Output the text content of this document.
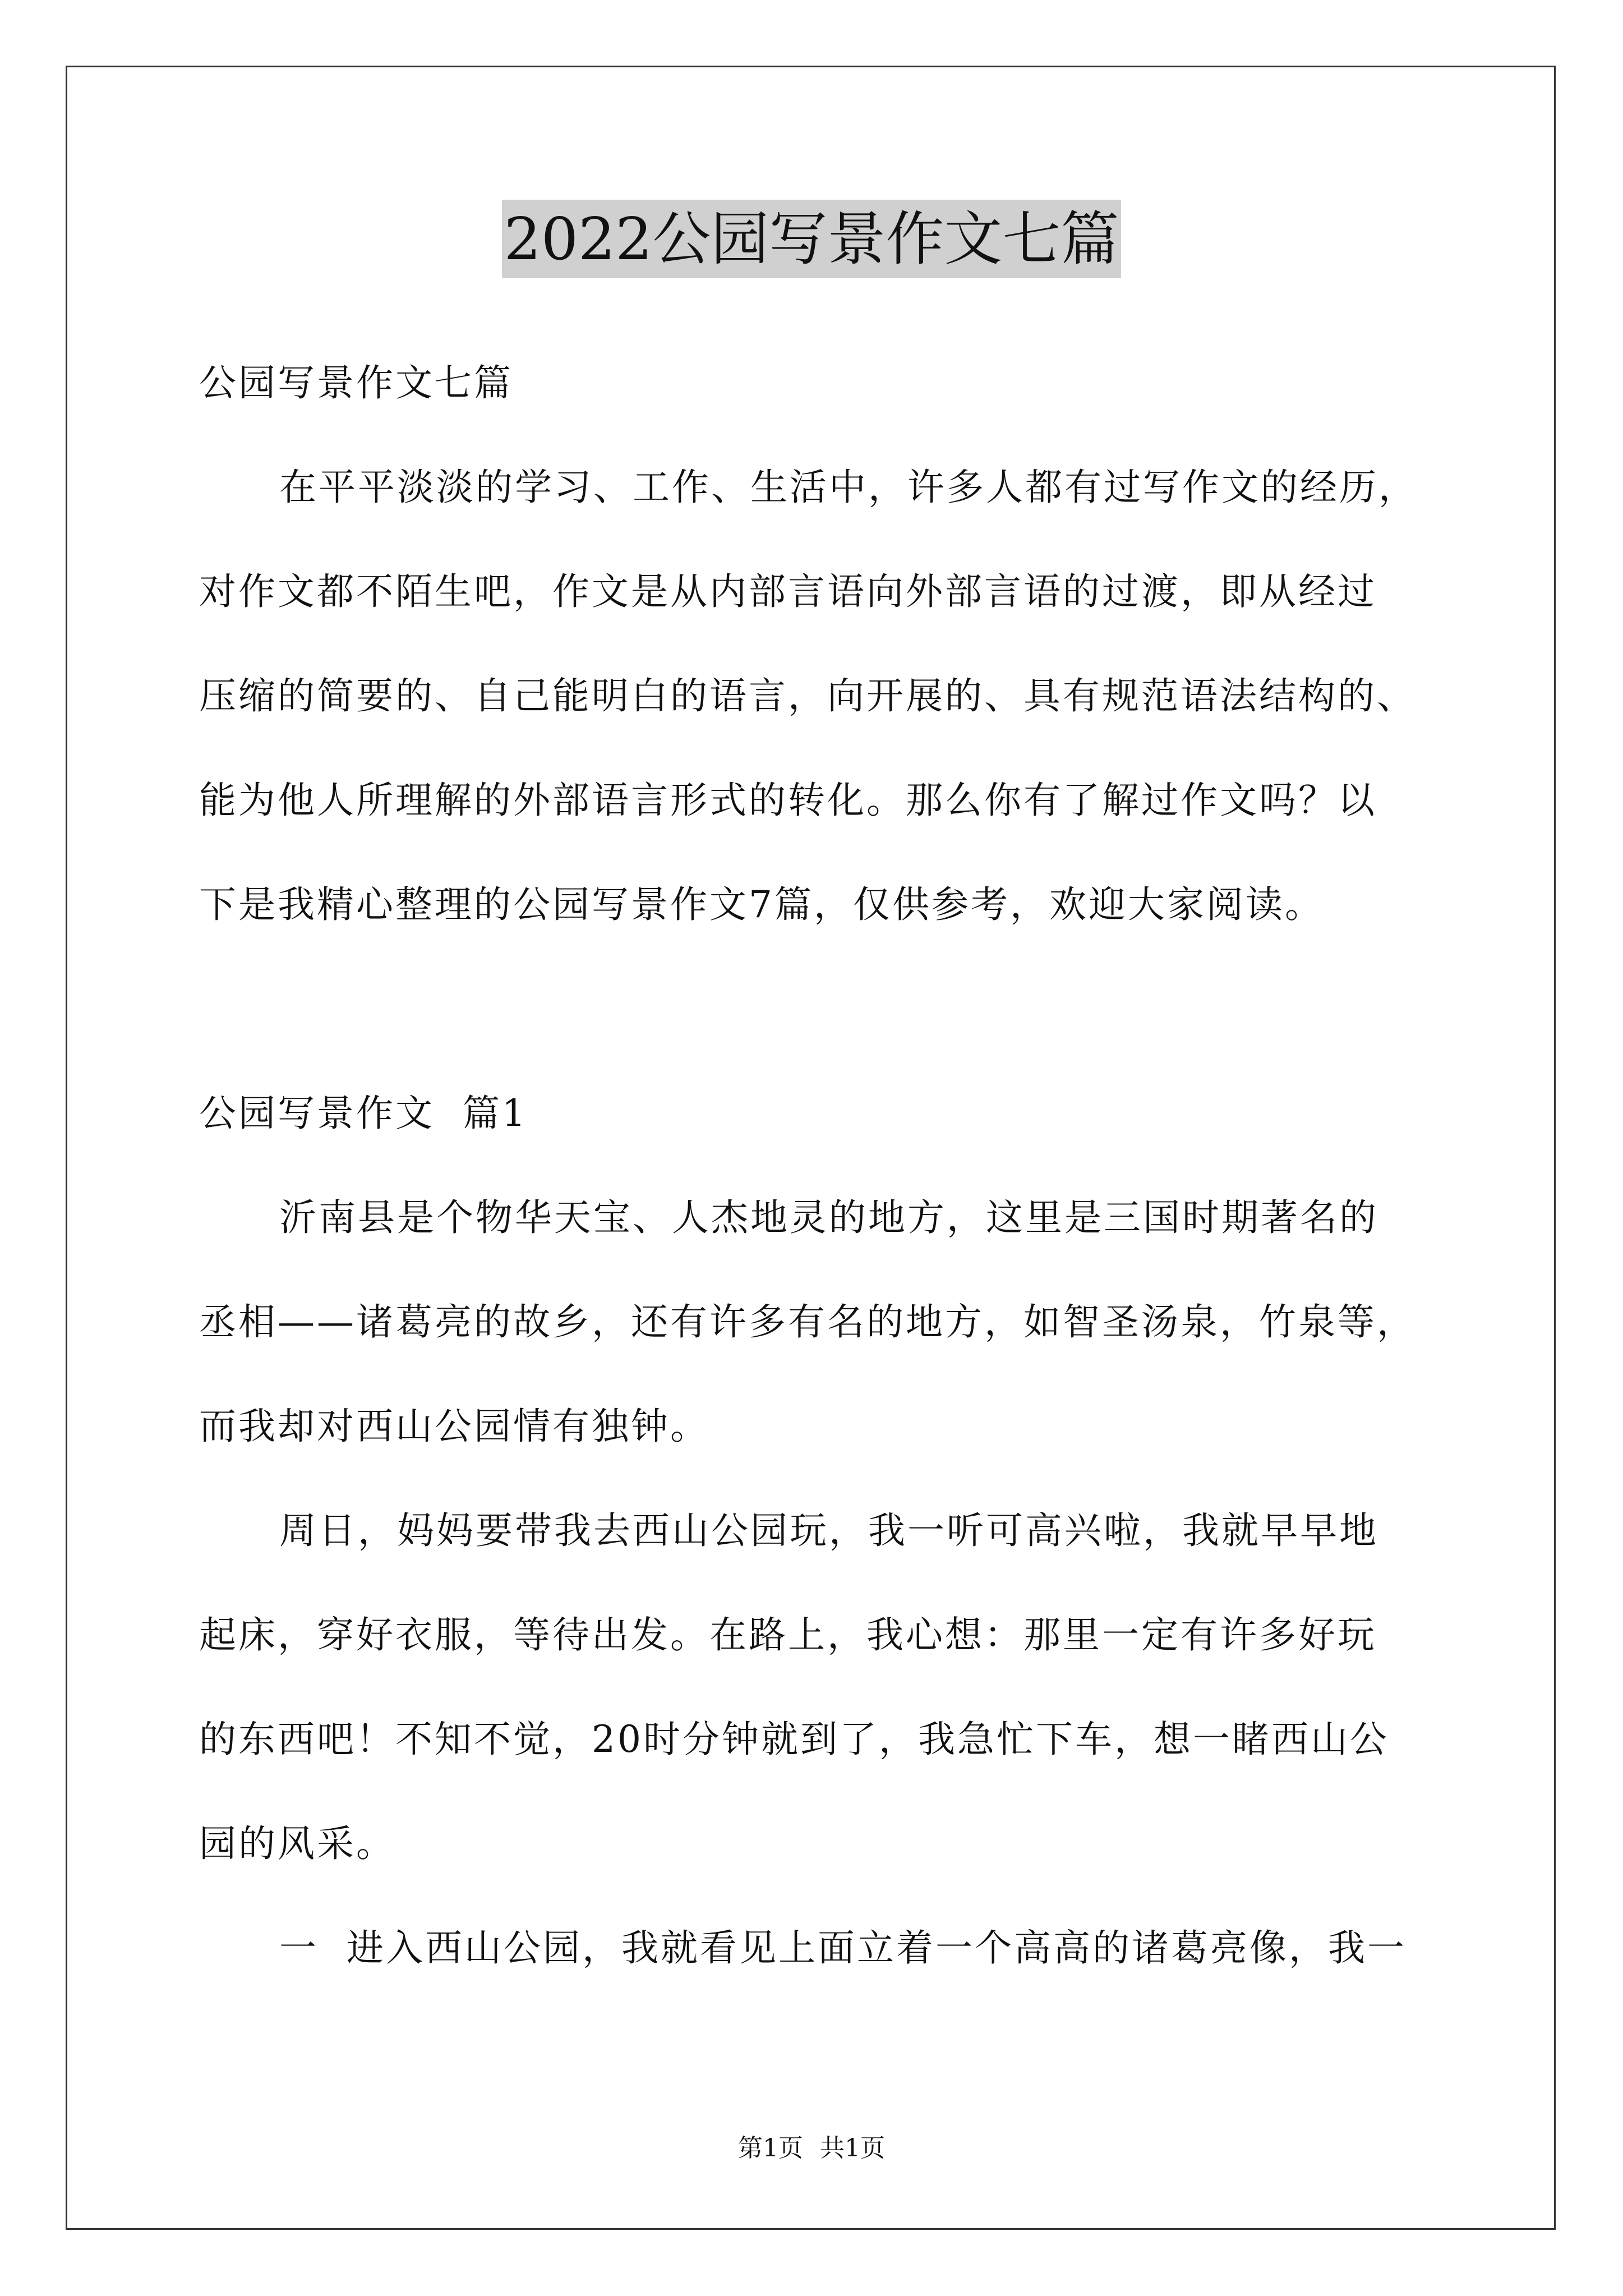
2022公园写景作文七篇
公园写景作文七篇
在平平淡淡的学习、工作、生活中，许多人都有过写作文的经历，
对作文都不陌生吧，作文是从内部言语向外部言语的过渡，即从经过
压缩的简要的、自己能明白的语言，向开展的、具有规范语法结构的、
能为他人所理解的外部语言形式的转化。那么你有了解过作文吗？以
下是我精心整理的公园写景作文7篇，仅供参考，欢迎大家阅读。
公园写景作文  篇1
沂南县是个物华天宝、人杰地灵的地方，这里是三国时期著名的
丞相——诸葛亮的故乡，还有许多有名的地方，如智圣汤泉，竹泉等，
而我却对西山公园情有独钟。
周日，妈妈要带我去西山公园玩，我一听可高兴啦，我就早早地
起床，穿好衣服，等待出发。在路上，我心想：那里一定有许多好玩
的东西吧！不知不觉，20时分钟就到了，我急忙下车，想一睹西山公
园的风采。
一  进入西山公园，我就看见上面立着一个高高的诸葛亮像，我一
第1页 共1页
